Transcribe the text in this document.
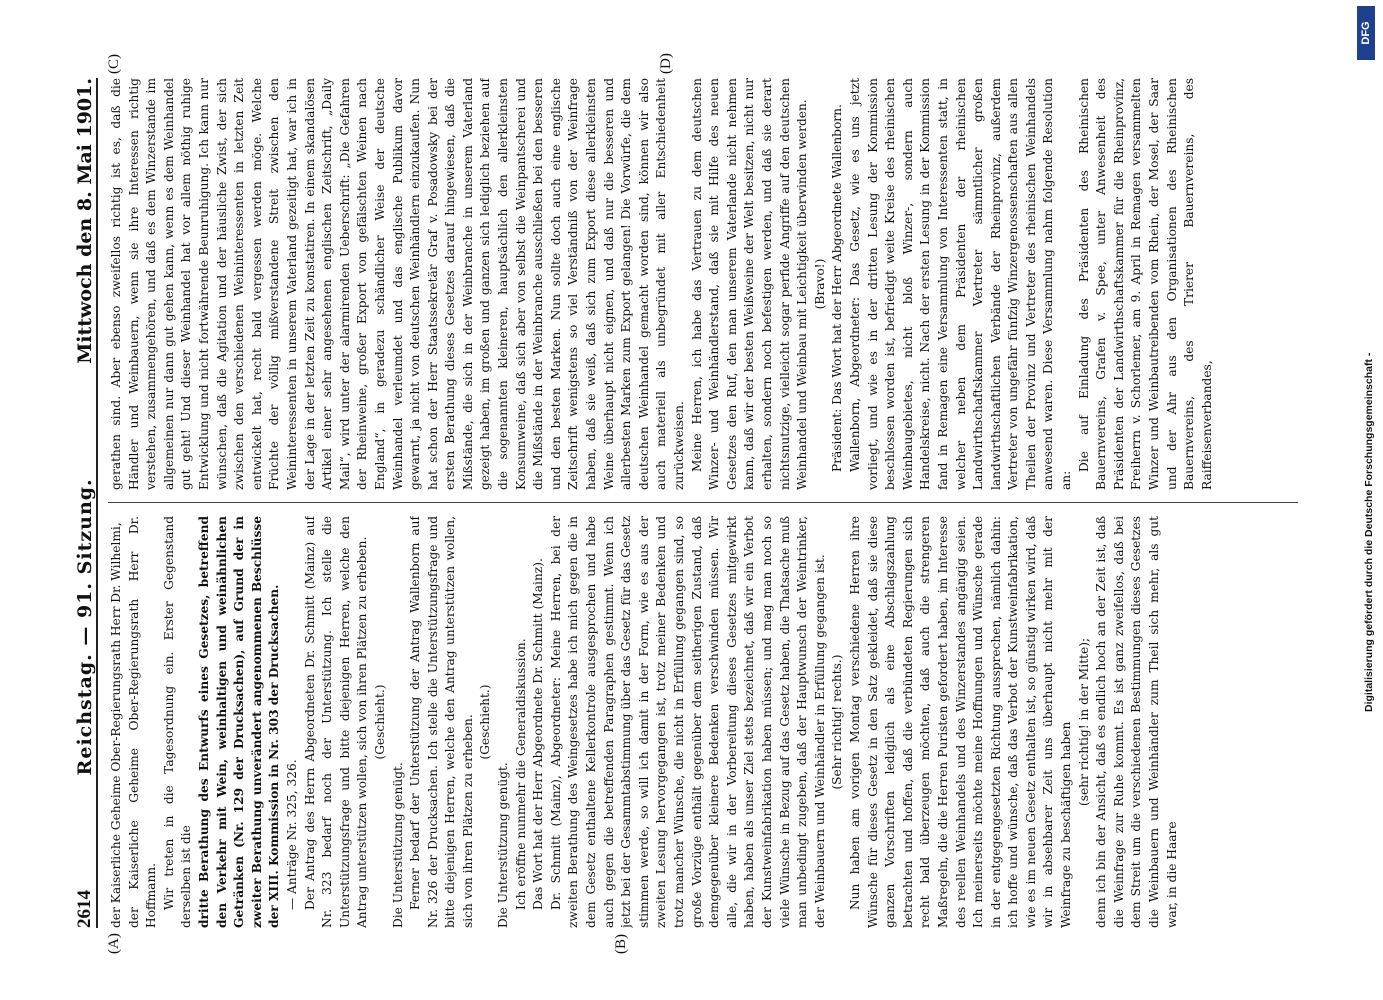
2614
Reichstag. — 91. Sitzung.
Mittwoch den 8. Mai 1901.
(A)	(B)
(C)	(D)

der Kaiserliche Geheime Ober-Regierungsrath Herr Dr. Wilhelmi, der Kaiserliche Geheime Ober-Regierungsrath Herr Dr. Hoffmann. Wir treten in die Tagesordnung ein. Erster Gegenstand derselben ist die dritte Berathung des Entwurfs eines Gesetzes, betreffend den Verkehr mit Wein, weinhaltigen und weinähnlichen Getränken (Nr. 129 der Drucksachen), auf Grund der in zweiter Berathung unverändert angenommenen Beschlüsse der XIII. Kommission in Nr. 303 der Drucksachen. — Anträge Nr. 325, 326. Der Antrag des Herrn Abgeordneten Dr. Schmitt (Mainz) auf Nr. 323 bedarf noch der Unterstützung. Ich stelle die Unterstützungsfrage und bitte diejenigen Herren, welche den Antrag unterstützen wollen, sich von ihren Plätzen zu erheben. (Geschieht.)

Die Unterstützung genügt. Ferner bedarf der Unterstützung der Antrag Wallenborn auf Nr. 326 der Drucksachen. Ich stelle die Unterstützungsfrage und bitte diejenigen Herren, welche den Antrag unterstützen wollen, sich von ihren Plätzen zu erheben. (Geschieht.)

Die Unterstützung genügt. Ich eröffne nunmehr die Generaldiskussion. Das Wort hat der Herr Abgeordnete Dr. Schmitt (Mainz). Dr. Schmitt (Mainz), Abgeordneter: Meine Herren, bei der zweiten Berathung des Weingesetzes habe ich mich gegen die in dem Gesetz enthaltene Kellerkontrole ausgesprochen und habe auch gegen die betreffenden Paragraphen gestimmt. Wenn ich jetzt bei der Gesammtabstimmung über das Gesetz für das Gesetz stimmen werde, so will ich damit in der Form, wie es aus der zweiten Lesung hervorgegangen ist, trotz meiner Bedenken und trotz mancher Wünsche, die nicht in Erfüllung gegangen sind, so große Vorzüge enthält gegenüber dem seitherigen Zustand, daß demgegenüber kleinere Bedenken verschwinden müssen. Wir alle, die wir in der Vorbereitung dieses Gesetzes mitgewirkt haben, haben als unser Ziel stets bezeichnet, daß wir ein Verbot der Kunstweinfabrikation haben müssen; und mag man noch so viele Wünsche in Bezug auf das Gesetz haben, die Thatsache muß man unbedingt zugeben, daß der Hauptwunsch der Weintrinker, der Weinbauern und Weinhändler in Erfüllung gegangen ist. (Sehr richtig! rechts.) Nun haben am vorigen Montag verschiedene Herren ihre Wünsche für dieses Gesetz in den Satz gekleidet, daß sie diese ganzen Vorschriften lediglich als eine Abschlagszahlung betrachten und hoffen, daß die verbündeten Regierungen sich recht bald überzeugen möchten, daß auch die strengeren Maßregeln, die die Herren Puristen gefordert haben, im Interesse des reellen Weinhandels und des Winzerstandes angängig seien. Ich meinerseits möchte meine Hoffnungen und Wünsche gerade in der entgegengesetzten Richtung aussprechen, nämlich dahin: ich hoffe und wünsche, daß das Verbot der Kunstweinfabrikation, wie es im neuen Gesetz enthalten ist, so günstig wirken wird, daß wir in absehbarer Zeit uns überhaupt nicht mehr mit der Weinfrage zu beschäftigen haben (sehr richtig! in der Mitte); denn ich bin der Ansicht, daß es endlich hoch an der Zeit ist, daß die Weinfrage zur Ruhe kommt. Es ist ganz zweifellos, daß bei dem Streit um die verschiedenen Bestimmungen dieses Gesetzes die Weinbauern und Weinhändler zum Theil sich mehr, als gut war, in die Haare

gerathen sind. Aber ebenso zweifellos richtig ist es, daß die Händler und Weinbauern, wenn sie ihre Interessen richtig verstehen, zusammengehören, und daß es dem Winzerstande im allgemeinen nur dann gut gehen kann, wenn es dem Weinhandel gut geht! Und dieser Weinhandel hat vor allem nöthig ruhige Entwicklung und nicht fortwährende Beunruhigung. Ich kann nur wünschen, daß die Agitation und der häusliche Zwist, der sich zwischen den verschiedenen Weininteressenten in letzten Zeit entwickelt hat, recht bald vergessen werden möge. Welche Früchte der völlig mißverstandene Streit zwischen den Weininteressenten in unserem Vaterland gezeitigt hat, war ich in der Lage in der letzten Zeit zu konstatiren. In einem skandalösen Artikel einer sehr angesehenen englischen Zeitschrift, „Daily Mail“, wird unter der alarmirenden Ueberschrift: „Die Gefahren der Rheinweine, großer Export von gefälschten Weinen nach England“, in geradezu schändlicher Weise der deutsche Weinhandel verleumdet und das englische Publikum davor gewarnt, ja nicht von deutschen Weinhändlern einzukaufen. Nun hat schon der Herr Staatssekretär Graf v. Posadowsky bei der ersten Berathung dieses Gesetzes darauf hingewiesen, daß die Mißstände, die sich in der Weinbranche in unserem Vaterland gezeigt haben, im großen und ganzen sich lediglich beziehen auf die sogenannten kleineren, hauptsächlich den allerkleinsten Konsumweine, daß sich aber von selbst die Weinpantscherei und die Mißstände in der Weinbranche ausschließen bei den besseren und den besten Marken. Nun sollte doch auch eine englische Zeitschrift wenigstens so viel Verständniß von der Weinfrage haben, daß sie weiß, daß sich zum Export diese allerkleinsten Weine überhaupt nicht eignen, und daß nur die besseren und allerbesten Marken zum Export gelangen! Die Vorwürfe, die dem deutschen Weinhandel gemacht worden sind, können wir also auch materiell als unbegründet mit aller Entschiedenheit zurückweisen. Meine Herren, ich habe das Vertrauen zu dem deutschen Winzer- und Weinhändlerstand, daß sie mit Hilfe des neuen Gesetzes den Ruf, den man unserem Vaterlande nicht nehmen kann, daß wir der besten Weißweine der Welt besitzen, nicht nur erhalten, sondern noch befestigen werden, und daß sie derart nichtsnutzige, vielleicht sogar perfide Angriffe auf den deutschen Weinhandel und Weinbau mit Leichtigkeit überwinden werden. (Bravo!) Präsident: Das Wort hat der Herr Abgeordnete Wallenborn. Wallenborn, Abgeordneter: Das Gesetz, wie es uns jetzt vorliegt, und wie es in der dritten Lesung der Kommission beschlossen worden ist, befriedigt weite Kreise des rheinischen Weinbaugebietes, nicht bloß Winzer-, sondern auch Handelskreise, nicht. Nach der ersten Lesung in der Kommission fand in Remagen eine Versammlung von Interessenten statt, in welcher neben dem Präsidenten der rheinischen Landwirthschaftskammer Vertreter sämmtlicher großen landwirthschaftlichen Verbände der Rheinprovinz, außerdem Vertreter von ungefähr fünfzig Winzergenossenschaften aus allen Theilen der Provinz und Vertreter des rheinischen Weinhandels anwesend waren. Diese Versammlung nahm folgende Resolution an:

Die auf Einladung des Präsidenten des Rheinischen Bauernvereins, Grafen v. Spee, unter Anwesenheit des Präsidenten der Landwirthschaftskammer für die Rheinprovinz, Freiherrn v. Schorlemer, am 9. April in Remagen versammelten Winzer und Weinbautreibenden vom Rhein, der Mosel, der Saar und der Ahr aus den Organisationen des Rheinischen Bauernvereins, des Trierer Bauernvereins, des Raiffeisenverbandes,

DFG
Digitalisierung gefördert durch die Deutsche Forschungsgemeinschaft -
